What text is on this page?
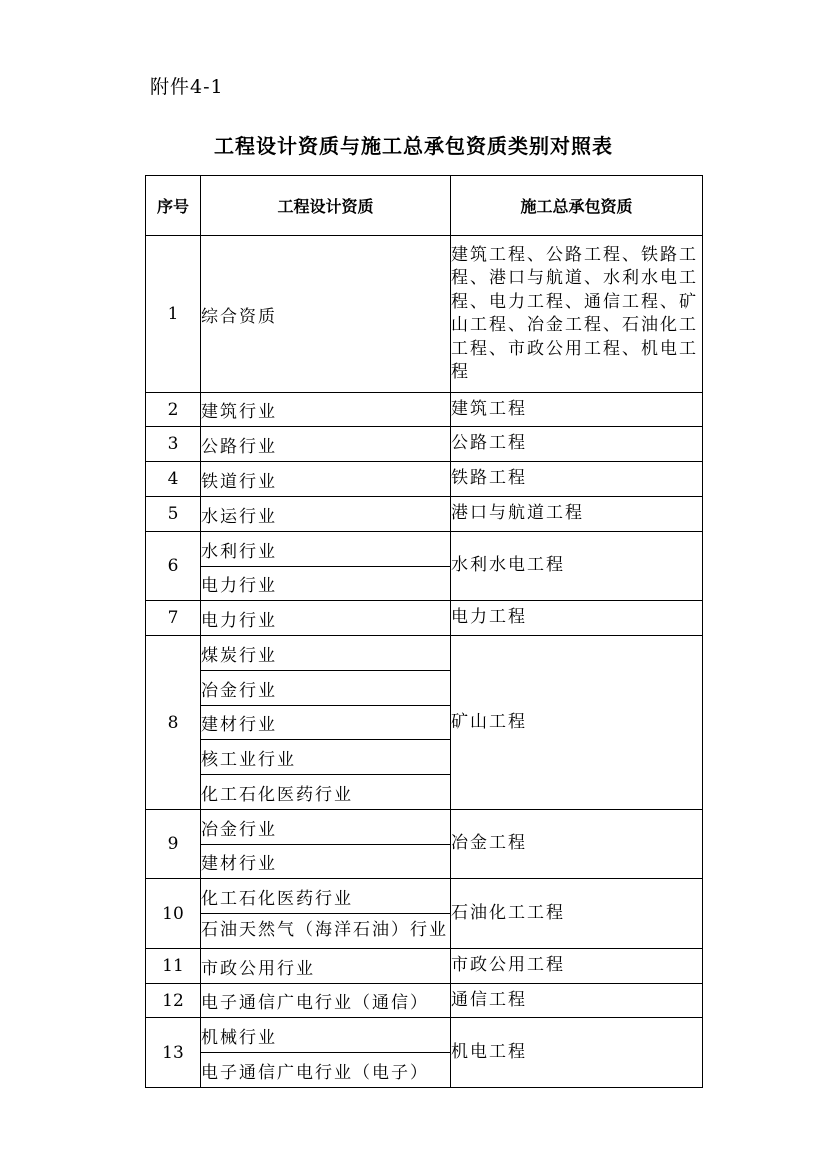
附件4-1
工程设计资质与施工总承包资质类别对照表
序号	工程设计资质	施工总承包资质
1	综合资质	建筑工程、公路工程、铁路工程、港口与航道、水利水电工程、电力工程、通信工程、矿山工程、冶金工程、石油化工工程、市政公用工程、机电工程
2	建筑行业	建筑工程
3	公路行业	公路工程
4	铁道行业	铁路工程
5	水运行业	港口与航道工程
6	水利行业	水利水电工程
	电力行业	
7	电力行业	电力工程
8	煤炭行业	矿山工程
	冶金行业	
	建材行业	
	核工业行业	
	化工石化医药行业	
9	冶金行业	冶金工程
	建材行业	
10	化工石化医药行业	石油化工工程

	石油天然气（海洋石油）行业	

11	市政公用行业	市政公用工程
12	电子通信广电行业（通信）	通信工程
13	机械行业	机电工程
	电子通信广电行业（电子）	
